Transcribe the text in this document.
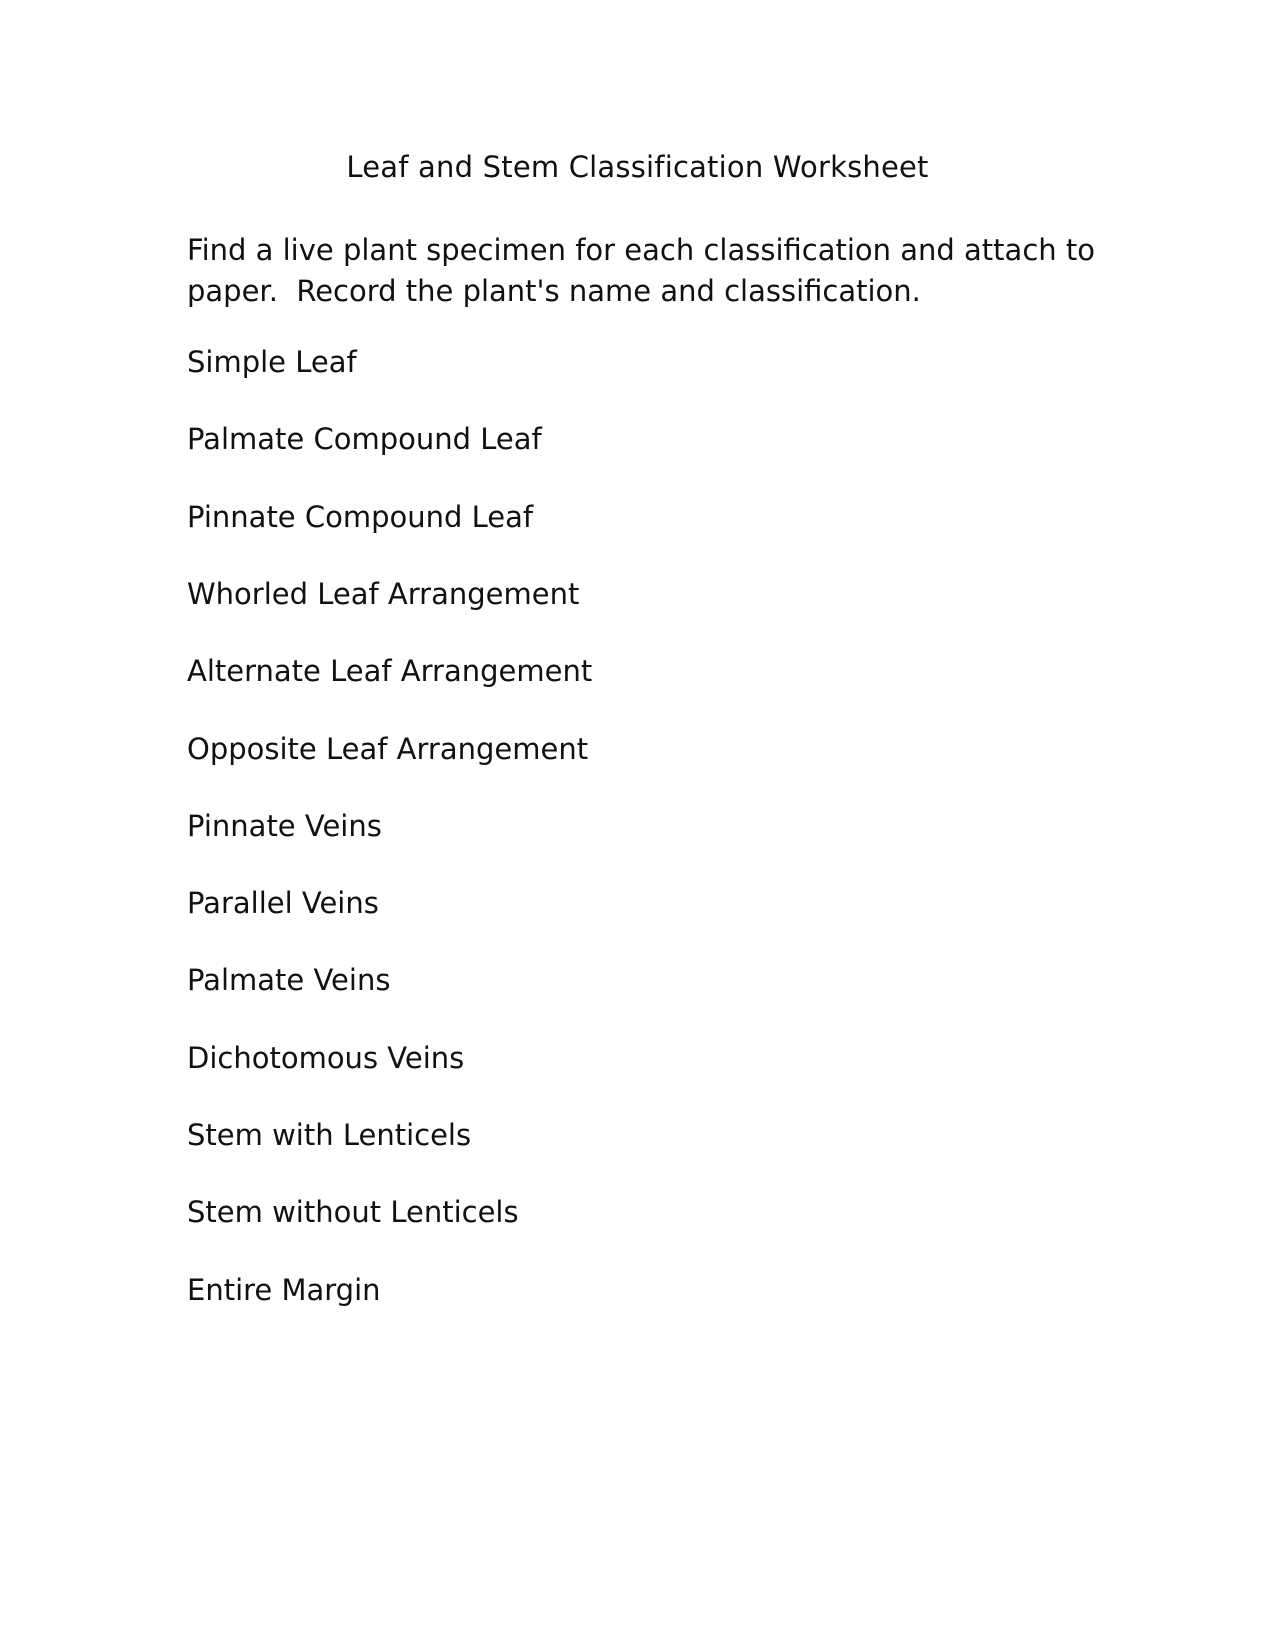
Leaf and Stem Classification Worksheet
Find a live plant specimen for each classification and attach to
paper.  Record the plant's name and classification.
Simple Leaf
Palmate Compound Leaf
Pinnate Compound Leaf
Whorled Leaf Arrangement
Alternate Leaf Arrangement
Opposite Leaf Arrangement
Pinnate Veins
Parallel Veins
Palmate Veins
Dichotomous Veins
Stem with Lenticels
Stem without Lenticels
Entire Margin
